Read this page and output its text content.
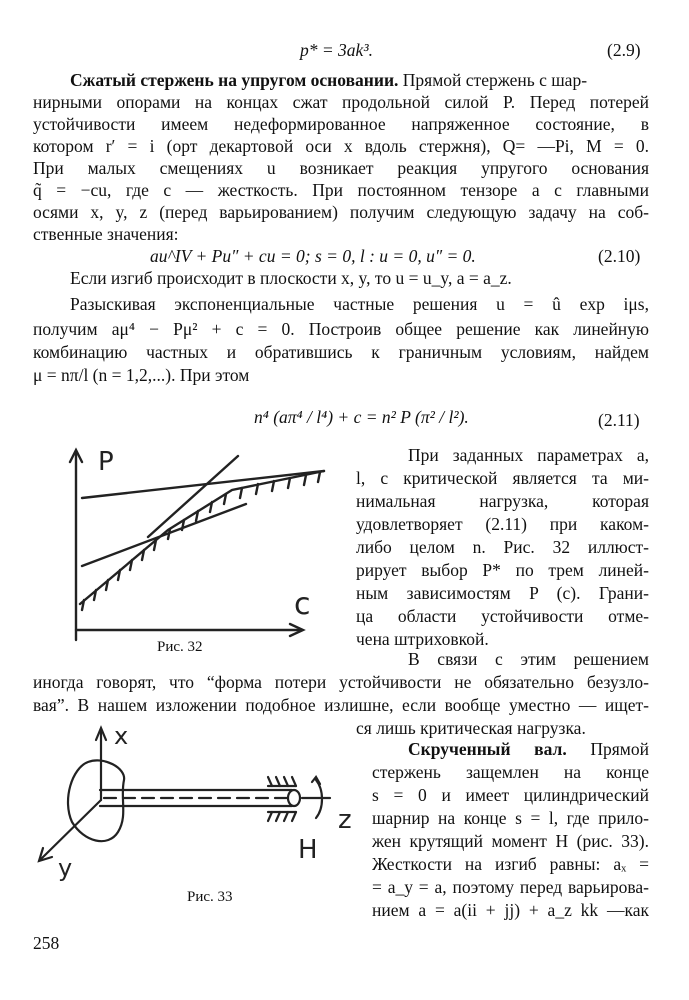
p* = 3ak³.	(2.9)
Сжатый стержень на упругом основании. Прямой стержень с шар-
нирными опорами на концах сжат продольной силой P. Перед потерей
устойчивости имеем недеформированное напряженное состояние, в
котором r′ = i (орт декартовой оси x вдоль стержня), Q= —Pi, M = 0.
При малых смещениях u возникает реакция упругого основания
q̃ = −cu, где c — жесткость. При постоянном тензоре a с главными
осями x, y, z (перед варьированием) получим следующую задачу на соб-
ственные значения:
au^IV + Pu″ + cu = 0; s = 0, l : u = 0, u″ = 0.	(2.10)
Если изгиб происходит в плоскости x, y, то u = u_y, a = a_z.
Разыскивая экспоненциальные частные решения u = û exp iμs,
получим aμ⁴ − Pμ² + c = 0. Построив общее решение как линейную
комбинацию частных и обратившись к граничным условиям, найдем
μ = nπ/l (n = 1,2,...). При этом
n⁴ (aπ⁴ / l⁴) + c = n² P (π² / l²).	(2.11)
P
c
Рис. 32
При заданных параметрах a,
l, c критической является та ми-
нимальная нагрузка, которая
удовлетворяет (2.11) при каком-
либо целом n. Рис. 32 иллюст-
рирует выбор P* по трем линей-
ным зависимостям P (c). Грани-
ца области устойчивости отме-
чена штриховкой.
В связи с этим решением
иногда говорят, что “форма потери устойчивости не обязательно безузло-
вая”. В нашем изложении подобное излишне, если вообще уместно — ищет-
ся лишь критическая нагрузка.
x
y
z
H
Рис. 33
Скрученный вал. Прямой
стержень защемлен на конце
s = 0 и имеет цилиндрический
шарнир на конце s = l, где прило-
жен крутящий момент H (рис. 33).
Жесткости на изгиб равны: aₓ =
= a_y = a, поэтому перед варьирова-
нием a = a(ii + jj) + a_z kk —как
258
